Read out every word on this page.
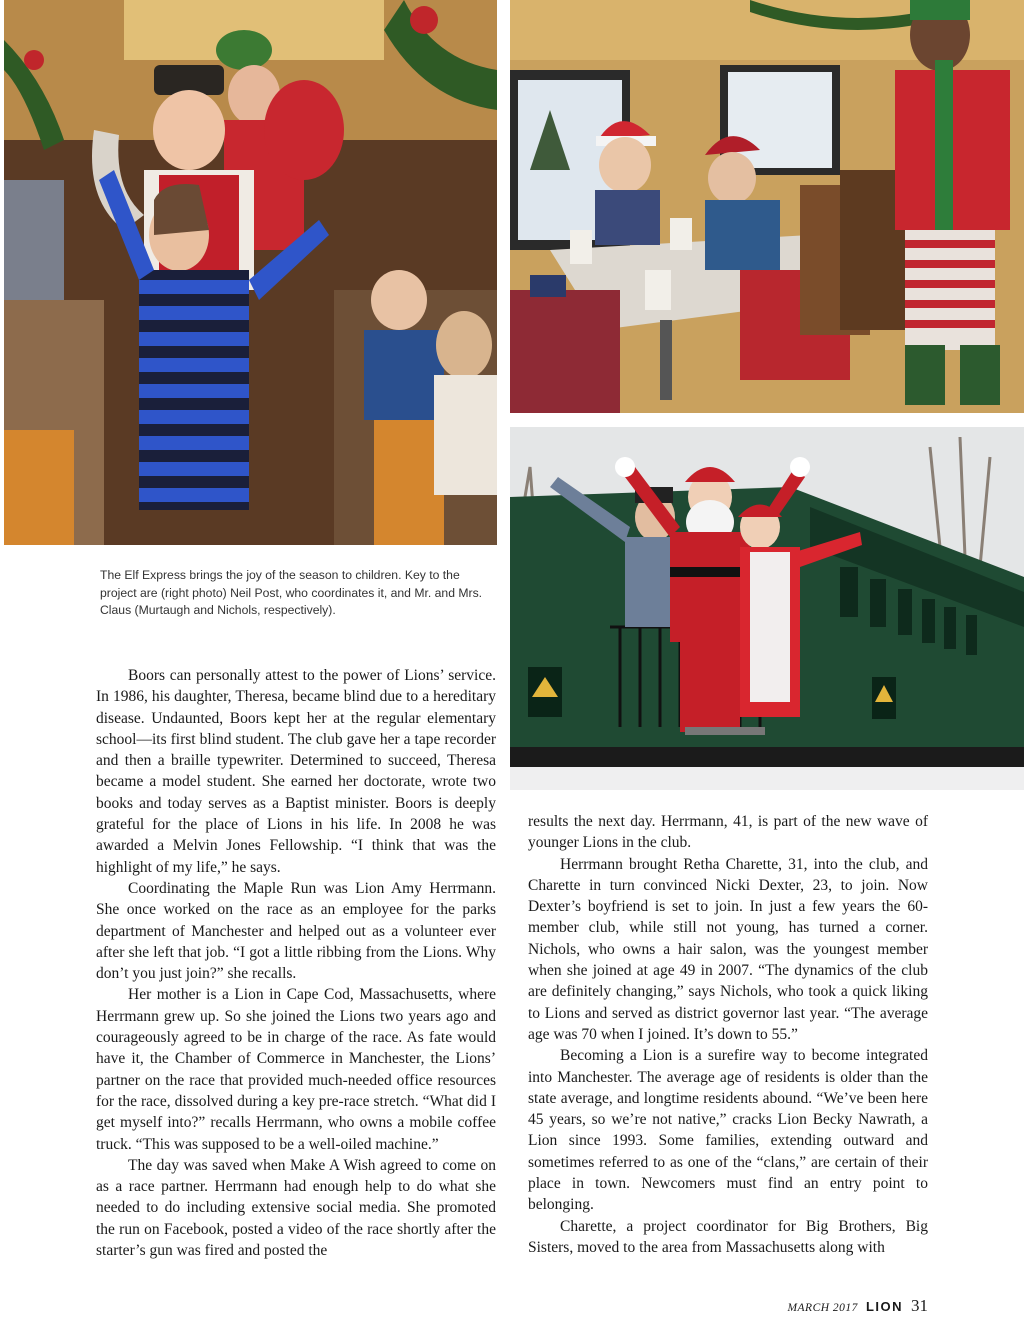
The Elf Express brings the joy of the season to children. Key to the project are (right photo) Neil Post, who coordinates it, and Mr. and Mrs. Claus (Murtaugh and Nichols, respectively).

Boors can personally attest to the power of Lions’ service. In 1986, his daughter, Theresa, became blind due to a hereditary disease. Undaunted, Boors kept her at the regular elementary school—its first blind student. The club gave her a tape recorder and then a braille typewriter. Determined to succeed, Theresa became a model student. She earned her doctorate, wrote two books and today serves as a Baptist minister. Boors is deeply grateful for the place of Lions in his life. In 2008 he was awarded a Melvin Jones Fellowship. “I think that was the highlight of my life,” he says.

Coordinating the Maple Run was Lion Amy Herrmann. She once worked on the race as an employee for the parks department of Manchester and helped out as a volunteer ever after she left that job. “I got a little ribbing from the Lions. Why don’t you just join?” she recalls.

Her mother is a Lion in Cape Cod, Massachusetts, where Herrmann grew up. So she joined the Lions two years ago and courageously agreed to be in charge of the race. As fate would have it, the Chamber of Commerce in Manchester, the Lions’ partner on the race that provided much-needed office resources for the race, dissolved during a key pre-race stretch. “What did I get myself into?” recalls Herrmann, who owns a mobile coffee truck. “This was supposed to be a well-oiled machine.”

The day was saved when Make A Wish agreed to come on as a race partner. Herrmann had enough help to do what she needed to do including extensive social media. She promoted the run on Facebook, posted a video of the race shortly after the starter’s gun was fired and posted the

results the next day. Herrmann, 41, is part of the new wave of younger Lions in the club.

Herrmann brought Retha Charette, 31, into the club, and Charette in turn convinced Nicki Dexter, 23, to join. Now Dexter’s boyfriend is set to join. In just a few years the 60-member club, while still not young, has turned a corner. Nichols, who owns a hair salon, was the youngest member when she joined at age 49 in 2007. “The dynamics of the club are definitely changing,” says Nichols, who took a quick liking to Lions and served as district governor last year. “The average age was 70 when I joined. It’s down to 55.”

Becoming a Lion is a surefire way to become integrated into Manchester. The average age of residents is older than the state average, and longtime residents abound. “We’ve been here 45 years, so we’re not native,” cracks Lion Becky Nawrath, a Lion since 1993. Some families, extending outward and sometimes referred to as one of the “clans,” are certain of their place in town. Newcomers must find an entry point to belonging.

Charette, a project coordinator for Big Brothers, Big Sisters, moved to the area from Massachusetts along with

MARCH 2017 LION 31
